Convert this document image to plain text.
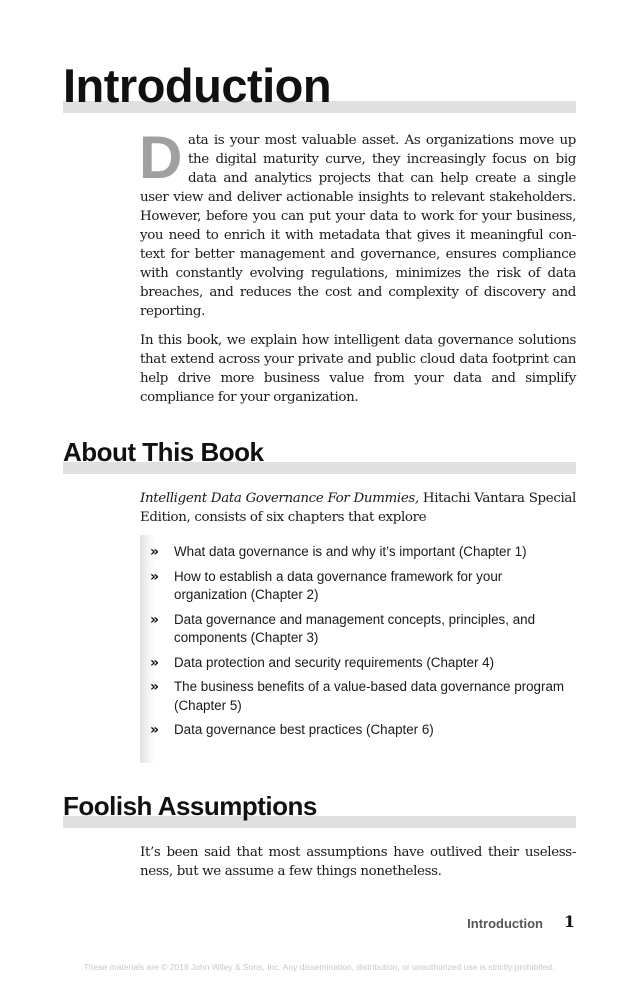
Introduction

Data is your most valuable asset. As organizations move up the digital maturity curve, they increasingly focus on big data and analytics projects that can help create a single user view and deliver actionable insights to relevant stakeholders. However, before you can put your data to work for your business, you need to enrich it with metadata that gives it meaningful con-text for better management and governance, ensures compliance with constantly evolving regulations, minimizes the risk of data breaches, and reduces the cost and complexity of discovery and reporting.

In this book, we explain how intelligent data governance solutions that extend across your private and public cloud data footprint can help drive more business value from your data and simplify compliance for your organization.

About This Book

Intelligent Data Governance For Dummies, Hitachi Vantara Special Edition, consists of six chapters that explore

» What data governance is and why it’s important (Chapter 1)
» How to establish a data governance framework for your organization (Chapter 2)
» Data governance and management concepts, principles, and components (Chapter 3)
» Data protection and security requirements (Chapter 4)
» The business benefits of a value-based data governance program (Chapter 5)
» Data governance best practices (Chapter 6)
Foolish Assumptions

It’s been said that most assumptions have outlived their useless-ness, but we assume a few things nonetheless.

Introduction 1
These materials are © 2018 John Wiley & Sons, Inc. Any dissemination, distribution, or unauthorized use is strictly prohibited.
